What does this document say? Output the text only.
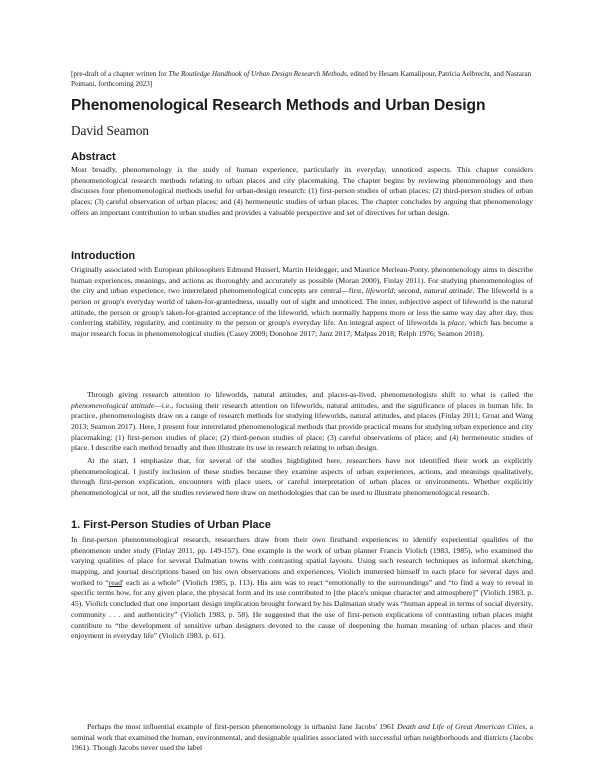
[pre-draft of a chapter written for The Routledge Handbook of Urban Design Research Methods, edited by Hesam Kamalipour, Patricia Aelbrecht, and Nastaran Peimani, forthcoming 2023]
Phenomenological Research Methods and Urban Design
David Seamon
Abstract
Most broadly, phenomenology is the study of human experience, particularly its everyday, unnoticed aspects. This chapter considers phenomenological research methods relating to urban places and city placemaking. The chapter begins by reviewing phenomenology and then discusses four phenomenological methods useful for urban-design research: (1) first-person studies of urban places; (2) third-person studies of urban places; (3) careful observation of urban places; and (4) hermeneutic studies of urban places. The chapter concludes by arguing that phenomenology offers an important contribution to urban studies and provides a valuable perspective and set of directives for urban design.
Introduction
Originally associated with European philosophers Edmund Husserl, Martin Heidegger, and Maurice Merleau-Ponty, phenomenology aims to describe human experiences, meanings, and actions as thoroughly and accurately as possible (Moran 2000), Finlay 2011). For studying phenomenologies of the city and urban experience, two interrelated phenomenological concepts are central—first, lifeworld; second, natural attitude. The lifeworld is a person or group's everyday world of taken-for-grantedness, usually out of sight and unnoticed. The inner, subjective aspect of lifeworld is the natural attitude, the person or group's taken-for-granted acceptance of the lifeworld, which normally happens more or less the same way day after day, thus conferring stability, regularity, and continuity to the person or group's everyday life. An integral aspect of lifeworlds is place, which has become a major research focus in phenomenological studies (Casey 2009; Donohoe 2017; Janz 2017; Malpas 2018; Relph 1976; Seamon 2018).
Through giving research attention to lifeworlds, natural attitudes, and places-as-lived, phenomenologists shift to what is called the phenomenological attitude—i.e., focusing their research attention on lifeworlds, natural attitudes, and the significance of places in human life. In practice, phenomenologists draw on a range of research methods for studying lifeworlds, natural attitudes, and places (Finlay 2011; Groat and Wang 2013; Seamon 2017). Here, I present four interrelated phenomenological methods that provide practical means for studying urban experience and city placemaking: (1) first-person studies of place; (2) third-person studies of place; (3) careful observations of place; and (4) hermeneutic studies of place. I describe each method broadly and then illustrate its use in research relating to urban design.
At the start, I emphasize that, for several of the studies highlighted here, researchers have not identified their work as explicitly phenomenological. I justify inclusion of these studies because they examine aspects of urban experiences, actions, and meanings qualitatively, through first-person explication, encounters with place users, or careful interpretation of urban places or environments. Whether explicitly phenomenological or not, all the studies reviewed here draw on methodologies that can be used to illustrate phenomenological research.
1. First-Person Studies of Urban Place
In first-person phenomenological research, researchers draw from their own firsthand experiences to identify experiential qualities of the phenomenon under study (Finlay 2011, pp. 149-157). One example is the work of urban planner Francis Violich (1983, 1985), who examined the varying qualities of place for several Dalmatian towns with contrasting spatial layouts. Using such research techniques as informal sketching, mapping, and journal descriptions based on his own observations and experiences, Violich immersed himself in each place for several days and worked to “read' each as a whole” (Violich 1985, p. 113). His aim was to react “emotionally to the surroundings” and “to find a way to reveal in specific terms how, for any given place, the physical form and its use contributed to [the place's unique character and atmosphere]” (Violich 1983, p. 45). Violich concluded that one important design implication brought forward by his Dalmatian study was “human appeal in terms of social diversity, community . . . and authenticity” (Violich 1983, p. 58). He suggested that the use of first-person explications of contrasting urban places might contribute to “the development of sensitive urban designers devoted to the cause of deepening the human meaning of urban places and their enjoyment in everyday life” (Violich 1983, p. 61).
Perhaps the most influential example of first-person phenomenology is urbanist Jane Jacobs' 1961 Death and Life of Great American Cities, a seminal work that examined the human, environmental, and designable qualities associated with successful urban neighborhoods and districts (Jacobs 1961). Though Jacobs never used the label
